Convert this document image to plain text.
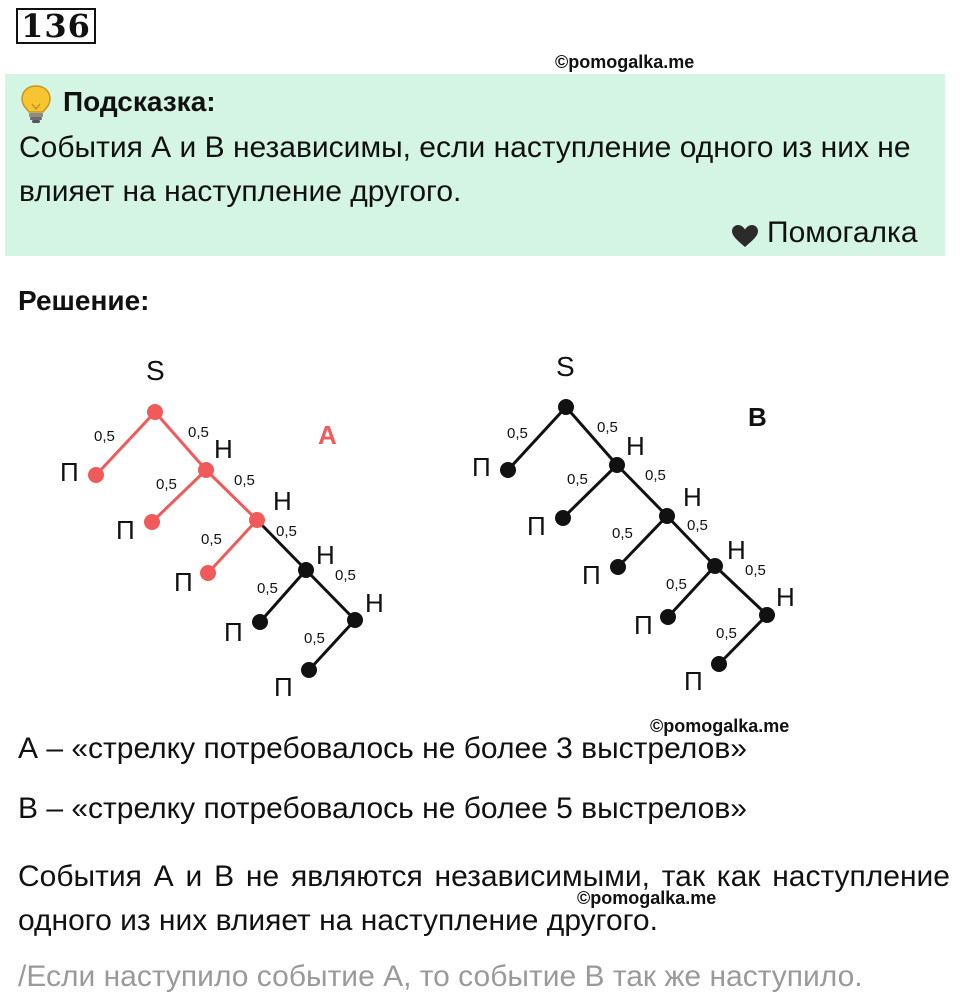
136
©pomogalka.me
Подсказка:
События А и В независимы, если наступление одного из них не влияет на наступление другого.
Помогалка
Решение:
S
A
Н
Н
Н
Н
П
П
П
П
П
0,5	0,5
0,5	0,5
0,5	0,5
0,5
0,5
0,5
S
B
Н
Н
Н
Н
П
П
П
П
П
0,5	0,5
0,5	0,5
0,5	0,5
0,5
0,5
0,5
©pomogalka.me
А – «стрелку потребовалось не более 3 выстрелов»
В – «стрелку потребовалось не более 5 выстрелов»
События А и В не являются независимыми, так как наступление одного из них влияет на наступление другого.
©pomogalka.me
/Если наступило событие А, то событие В так же наступило.
